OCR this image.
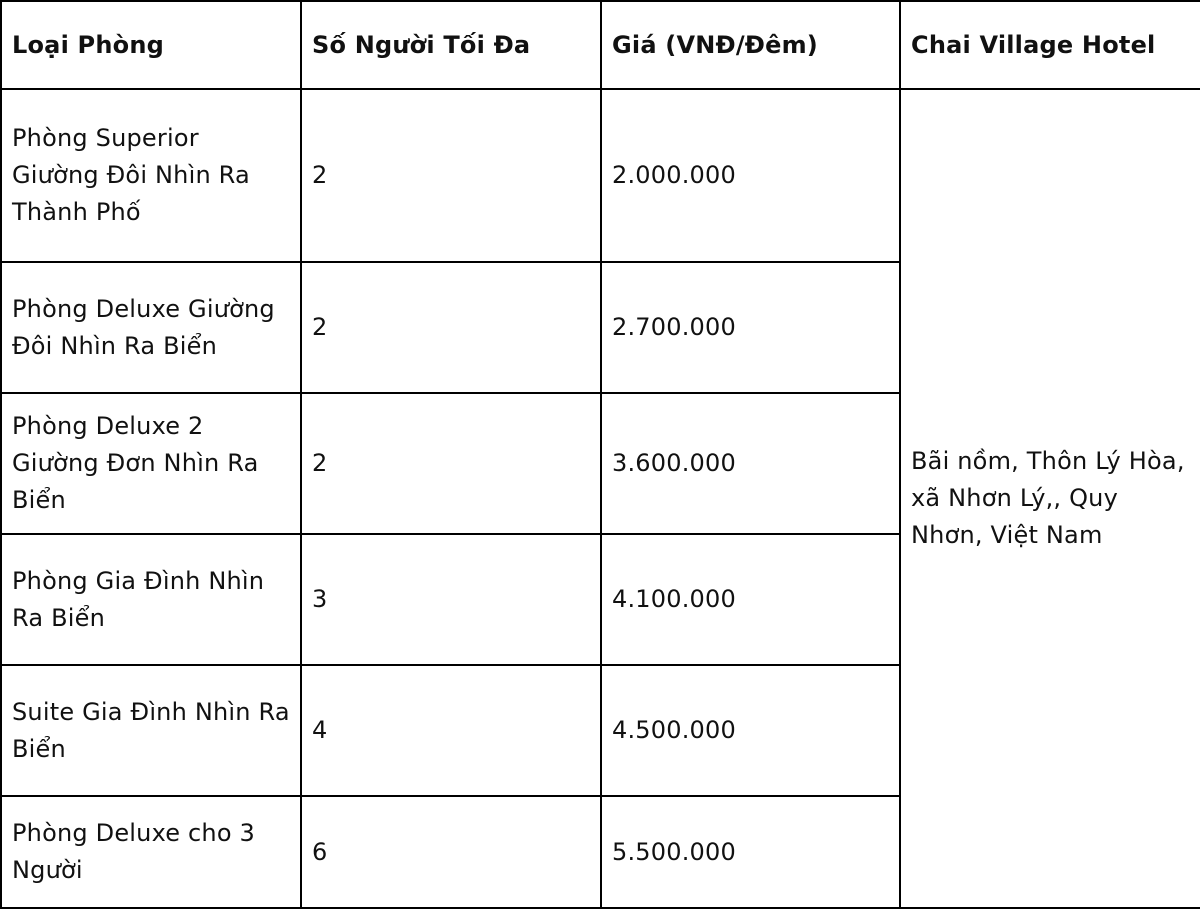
Loại Phòng	Số Người Tối Đa	Giá (VNĐ/Đêm)	Chai Village Hotel
Phòng Superior Giường Đôi Nhìn Ra Thành Phố	2	2.000.000	Bãi nồm, Thôn Lý Hòa, xã Nhơn Lý,, Quy Nhơn, Việt Nam
Phòng Deluxe Giường Đôi Nhìn Ra Biển	2	2.700.000	
Phòng Deluxe 2 Giường Đơn Nhìn Ra Biển	2	3.600.000	
Phòng Gia Đình Nhìn Ra Biển	3	4.100.000	
Suite Gia Đình Nhìn Ra Biển	4	4.500.000	
Phòng Deluxe cho 3 Người	6	5.500.000	
